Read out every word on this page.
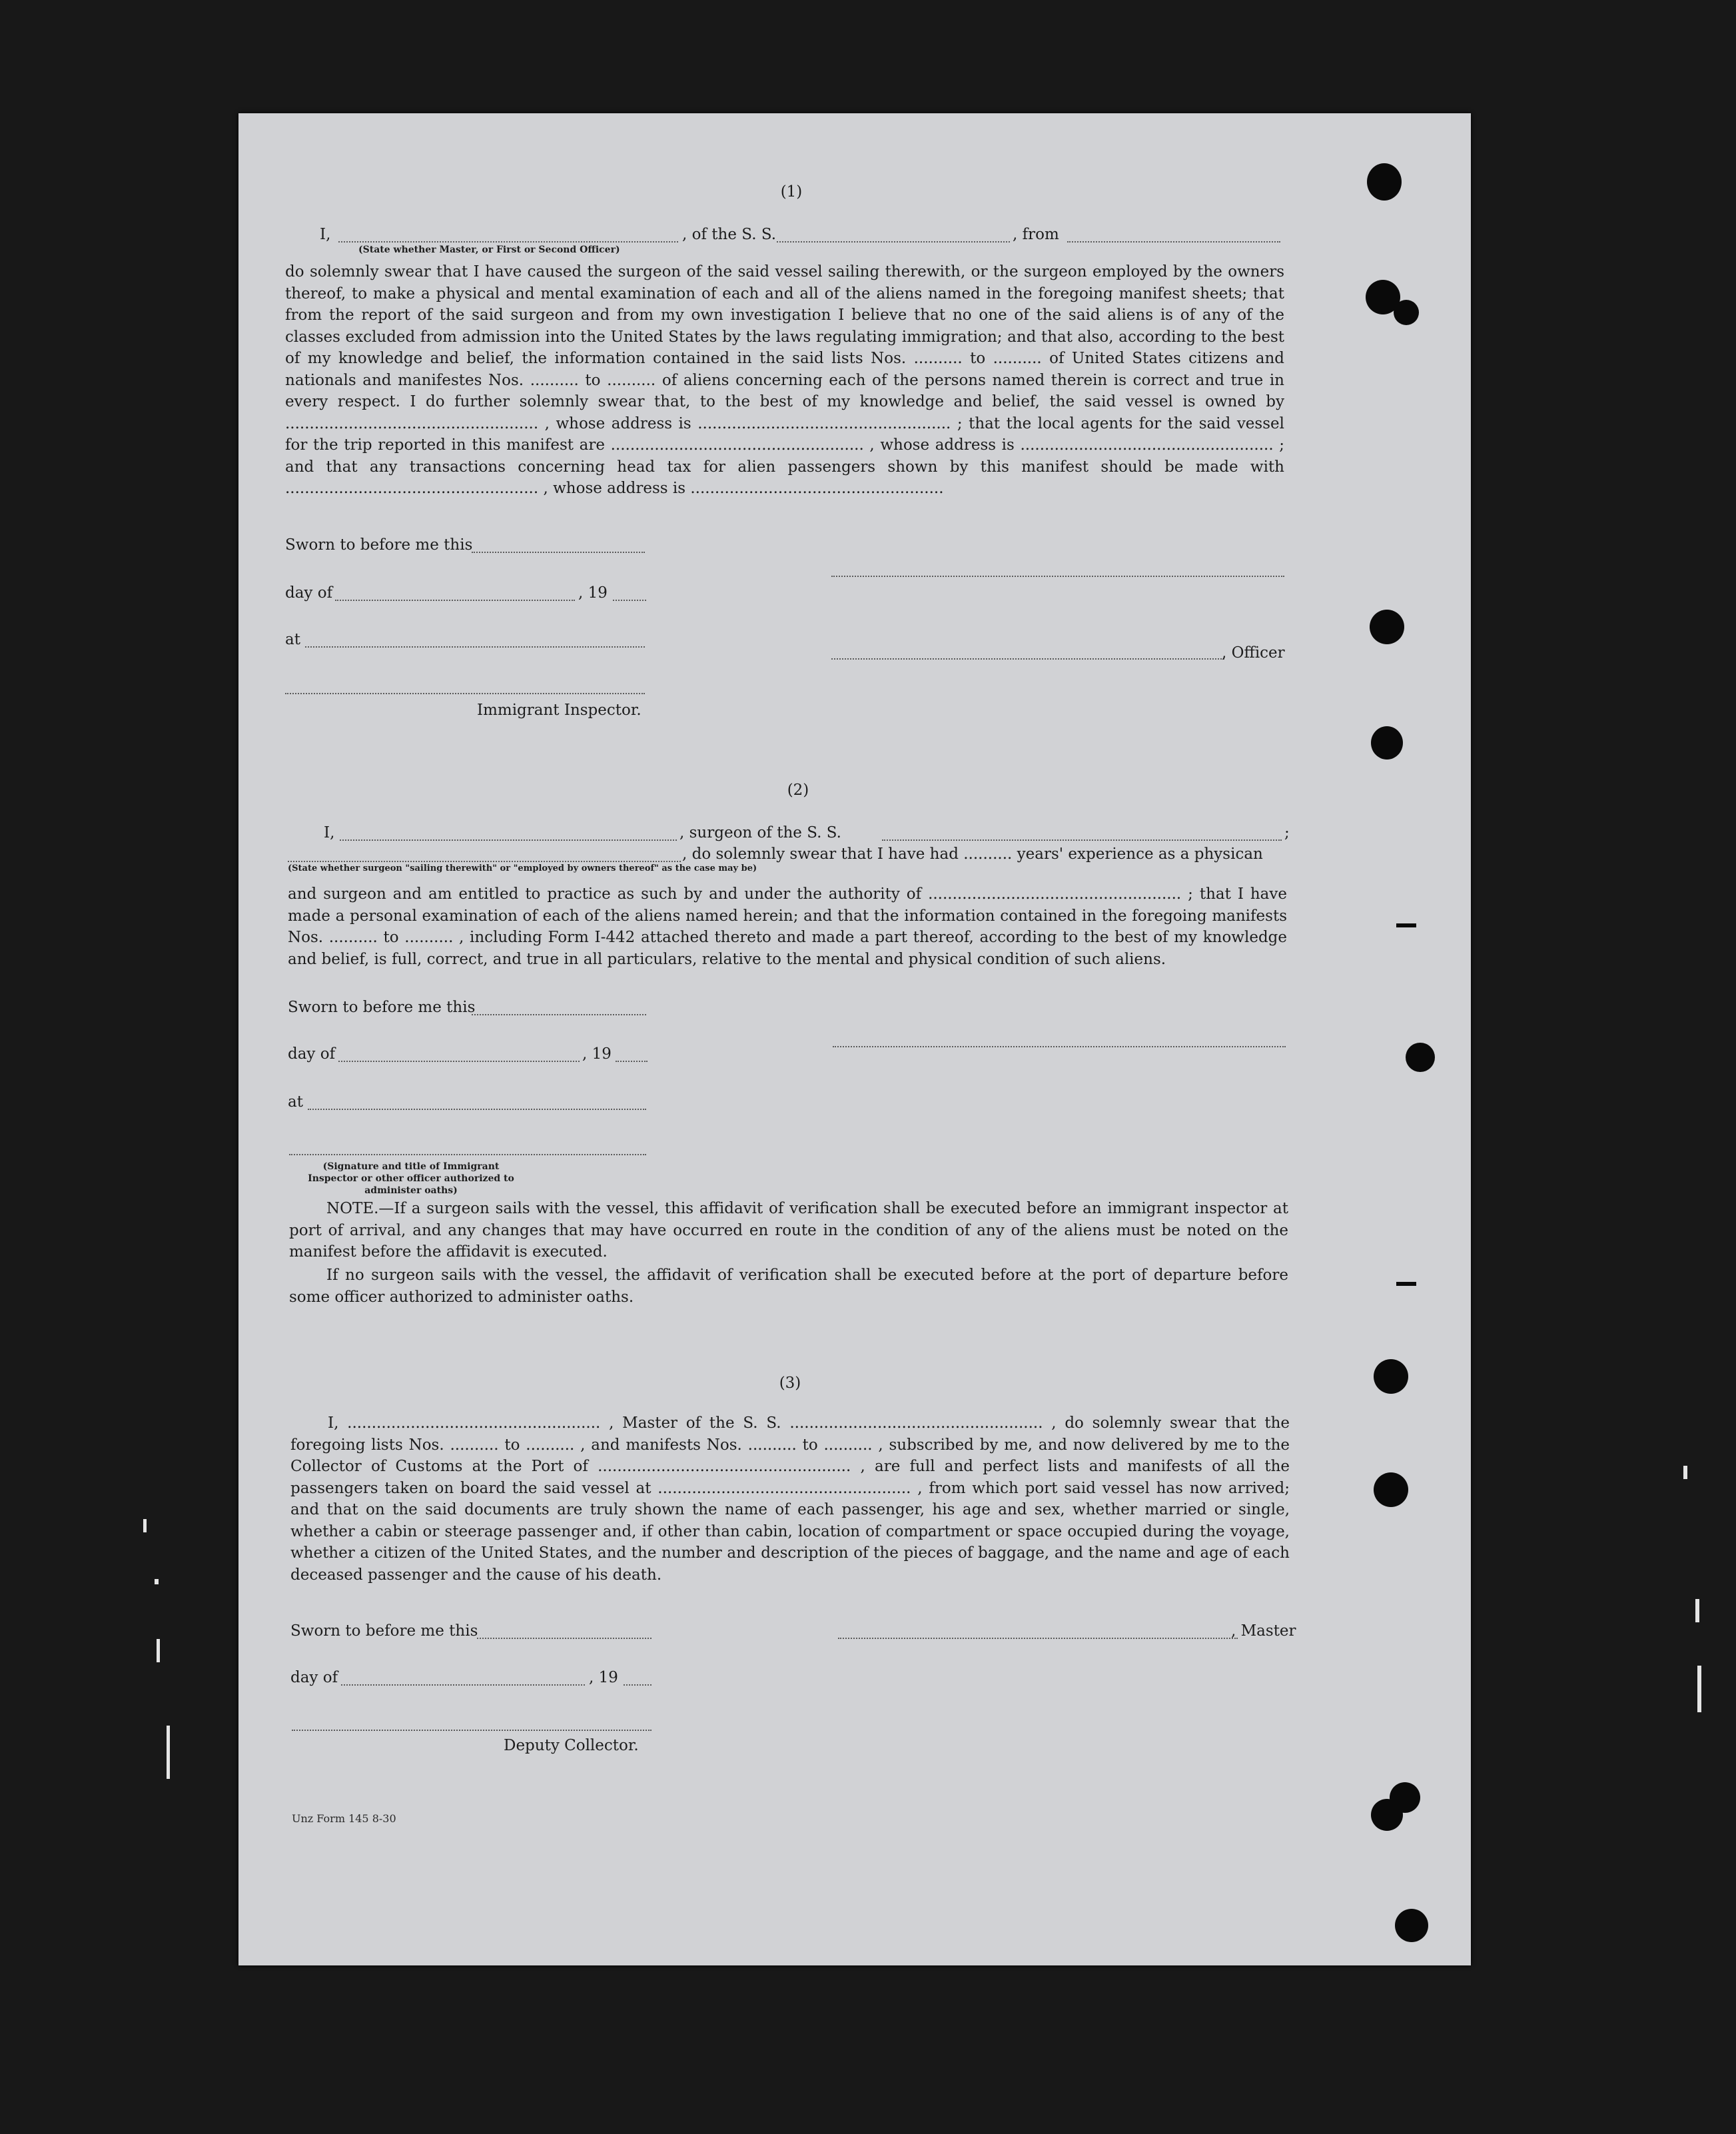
(1)
I,	, of the S. S.	, from
(State whether Master, or First or Second Officer)
do solemnly swear that I have caused the surgeon of the said vessel sailing therewith, or the surgeon employed by the owners thereof, to make a physical and mental examination of each and all of the aliens named in the foregoing manifest sheets; that from the report of the said surgeon and from my own investigation I believe that no one of the said aliens is of any of the classes excluded from admission into the United States by the laws regulating immigration; and that also, according to the best of my knowledge and belief, the information contained in the said lists Nos. .......... to .......... of United States citizens and nationals and manifestes Nos. .......... to .......... of aliens concerning each of the persons named therein is correct and true in every respect. I do further solemnly swear that, to the best of my knowledge and belief, the said vessel is owned by .................................................... , whose address is .................................................... ; that the local agents for the said vessel for the trip reported in this manifest are .................................................... , whose address is .................................................... ; and that any transactions concerning head tax for alien passengers shown by this manifest should be made with .................................................... , whose address is ....................................................
Sworn to before me this
day of	, 19
at
, Officer
Immigrant Inspector.
(2)
I,	, surgeon of the S. S.	;
, do solemnly swear that I have had .......... years' experience as a physican
(State whether surgeon "sailing therewith" or "employed by owners thereof" as the case may be)
and surgeon and am entitled to practice as such by and under the authority of .................................................... ; that I have made a personal examination of each of the aliens named herein; and that the information contained in the foregoing manifests Nos. .......... to .......... , including Form I-442 attached thereto and made a part thereof, according to the best of my knowledge and belief, is full, correct, and true in all particulars, relative to the mental and physical condition of such aliens.
Sworn to before me this
day of	, 19
at
(Signature and title of Immigrant Inspector or other officer authorized to administer oaths)
NOTE.—If a surgeon sails with the vessel, this affidavit of verification shall be executed before an immigrant inspector at port of arrival, and any changes that may have occurred en route in the condition of any of the aliens must be noted on the manifest before the affidavit is executed.
If no surgeon sails with the vessel, the affidavit of verification shall be executed before at the port of departure before some officer authorized to administer oaths.
(3)
I, .................................................... , Master of the S. S. .................................................... , do solemnly swear that the foregoing lists Nos. .......... to .......... , and manifests Nos. .......... to .......... , subscribed by me, and now delivered by me to the Collector of Customs at the Port of .................................................... , are full and perfect lists and manifests of all the passengers taken on board the said vessel at .................................................... , from which port said vessel has now arrived; and that on the said documents are truly shown the name of each passenger, his age and sex, whether married or single, whether a cabin or steerage passenger and, if other than cabin, location of compartment or space occupied during the voyage, whether a citizen of the United States, and the number and description of the pieces of baggage, and the name and age of each deceased passenger and the cause of his death.
Sworn to before me this	, Master
day of	, 19
Deputy Collector.
Unz Form 145 8-30
